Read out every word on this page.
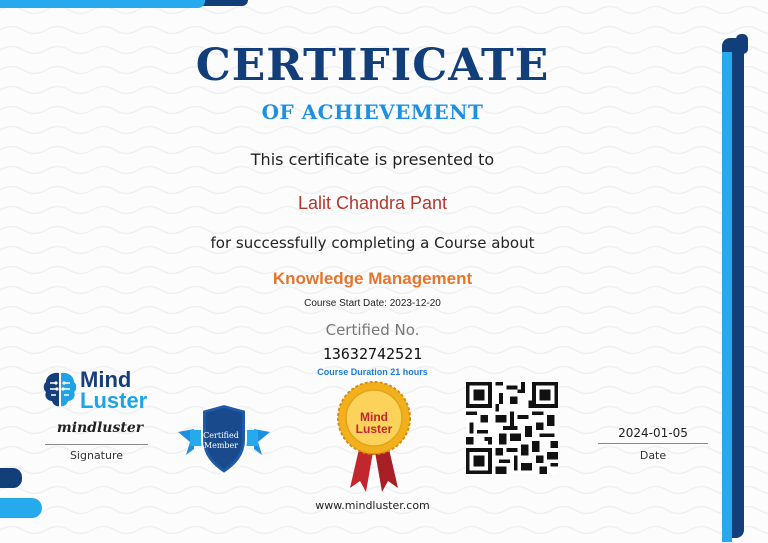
CERTIFICATE
OF ACHIEVEMENT
This certificate is presented to
Lalit Chandra Pant
for successfully completing a Course about
Knowledge Management
Course Start Date: 2023-12-20
Certified No.
13632742521
Course Duration 21 hours
Mind
Luster
mindluster
Signature
Certified
Member
Mind
Luster	2024-01-05
Date
www.mindluster.com
